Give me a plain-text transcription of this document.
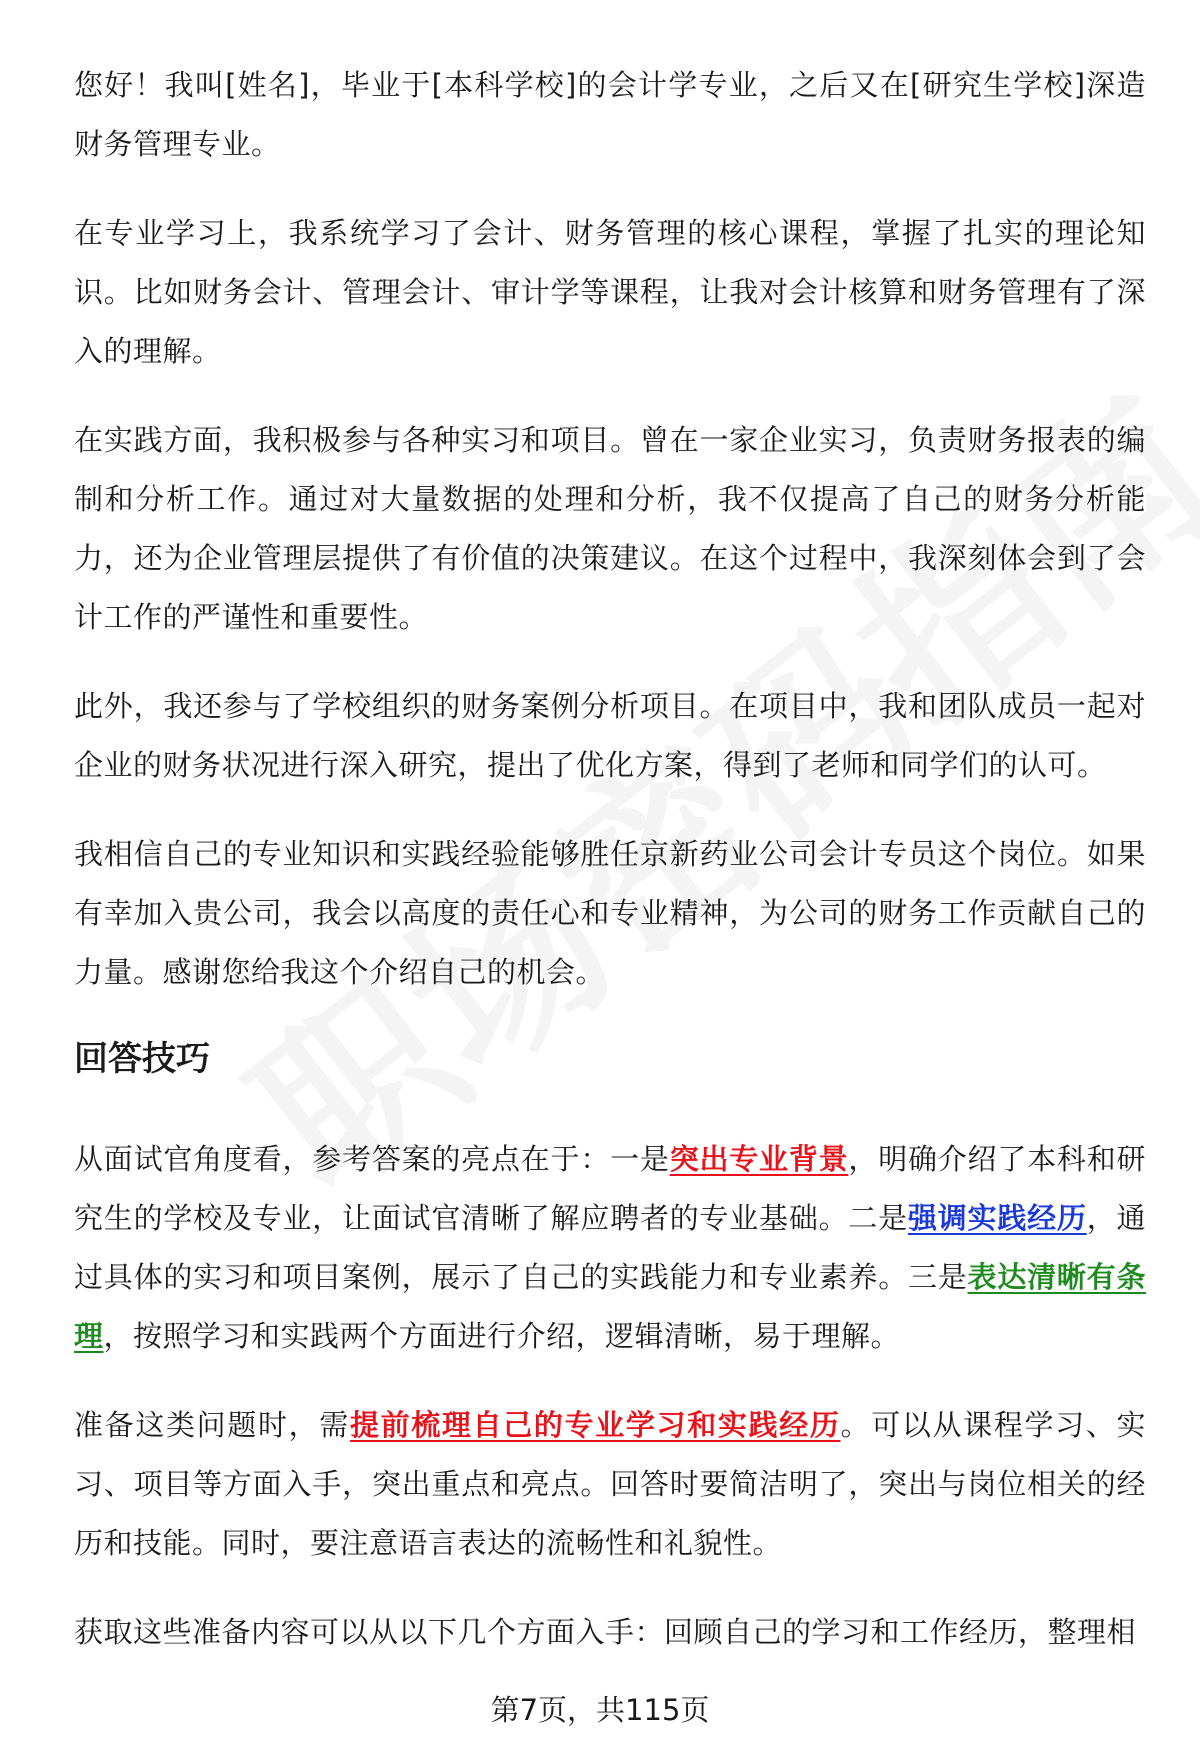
您好！我叫[姓名]，毕业于[本科学校]的会计学专业，之后又在[研究生学校]深造财务管理专业。

在专业学习上，我系统学习了会计、财务管理的核心课程，掌握了扎实的理论知识。比如财务会计、管理会计、审计学等课程，让我对会计核算和财务管理有了深入的理解。

在实践方面，我积极参与各种实习和项目。曾在一家企业实习，负责财务报表的编制和分析工作。通过对大量数据的处理和分析，我不仅提高了自己的财务分析能力，还为企业管理层提供了有价值的决策建议。在这个过程中，我深刻体会到了会计工作的严谨性和重要性。

此外，我还参与了学校组织的财务案例分析项目。在项目中，我和团队成员一起对企业的财务状况进行深入研究，提出了优化方案，得到了老师和同学们的认可。

我相信自己的专业知识和实践经验能够胜任京新药业公司会计专员这个岗位。如果有幸加入贵公司，我会以高度的责任心和专业精神，为公司的财务工作贡献自己的力量。感谢您给我这个介绍自己的机会。

回答技巧

从面试官角度看，参考答案的亮点在于：一是突出专业背景，明确介绍了本科和研究生的学校及专业，让面试官清晰了解应聘者的专业基础。二是强调实践经历，通过具体的实习和项目案例，展示了自己的实践能力和专业素养。三是表达清晰有条理，按照学习和实践两个方面进行介绍，逻辑清晰，易于理解。

准备这类问题时，需提前梳理自己的专业学习和实践经历。可以从课程学习、实习、项目等方面入手，突出重点和亮点。回答时要简洁明了，突出与岗位相关的经历和技能。同时，要注意语言表达的流畅性和礼貌性。

获取这些准备内容可以从以下几个方面入手：回顾自己的学习和工作经历，整理相

第7页，共115页
